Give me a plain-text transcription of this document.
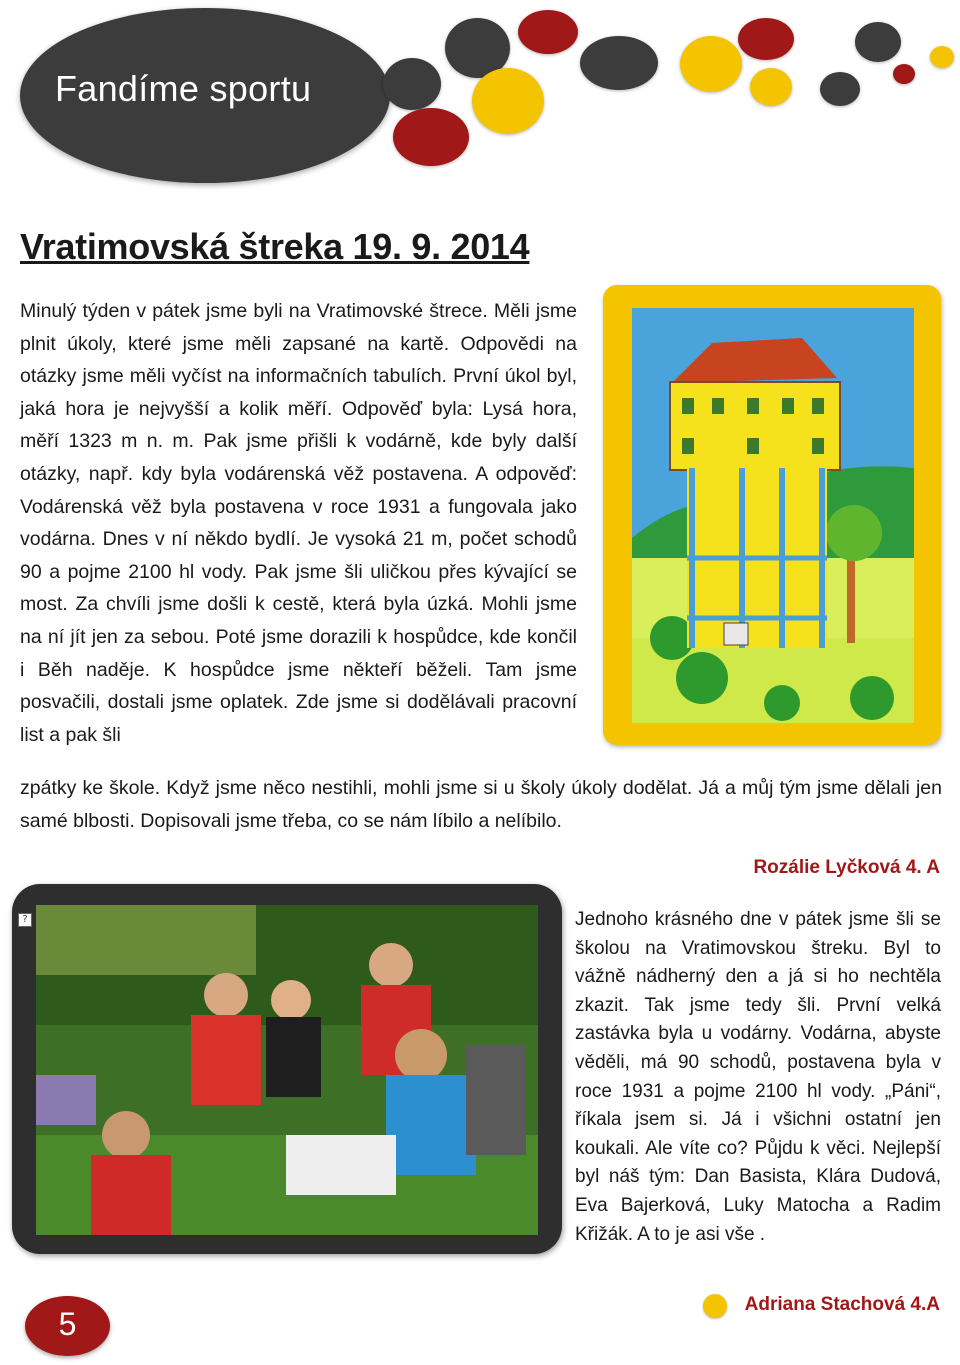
Fandíme sportu
Vratimovská štreka 19. 9. 2014
Minulý týden v pátek jsme byli na Vratimovské štrece. Měli jsme plnit úkoly, které jsme měli zapsané na kartě. Odpovědi na otázky jsme měli vyčíst na informačních tabulích. První úkol byl, jaká hora je nejvyšší a kolik měří. Odpověď byla: Lysá hora, měří 1323 m n. m. Pak jsme přišli k vodárně, kde byly další otázky, např. kdy byla vodárenská věž postavena. A odpověď: Vodárenská věž byla postavena v roce 1931 a fungovala jako vodárna. Dnes v ní někdo bydlí. Je vysoká 21 m, počet schodů 90 a pojme 2100 hl vody. Pak jsme šli uličkou přes kývající se most. Za chvíli jsme došli k cestě, která byla úzká. Mohli jsme na ní jít jen za sebou. Poté jsme dorazili k hospůdce, kde končil i Běh naděje. K hospůdce jsme někteří běželi. Tam jsme posvačili, dostali jsme oplatek. Zde jsme si dodělávali pracovní list a pak šli
zpátky ke škole. Když jsme něco nestihli, mohli jsme si u školy úkoly dodělat. Já a můj tým jsme dělali jen samé blbosti. Dopisovali jsme třeba, co se nám líbilo a nelíbilo.
Rozálie Lyčková 4. A
?	Jednoho krásného dne v pátek jsme šli se školou na Vratimovskou štreku. Byl to vážně nádherný den a já si ho nechtěla zkazit. Tak jsme tedy šli. První velká zastávka byla u vodárny. Vodárna, abyste věděli, má 90 schodů, postavena byla v roce 1931 a pojme 2100 hl vody. „Páni“, říkala jsem si. Já i všichni ostatní jen koukali. Ale víte co? Půjdu k věci. Nejlepší byl náš tým: Dan Basista, Klára Dudová, Eva Bajerková, Luky Matocha a Radim Křižák. A to je asi vše .
Adriana Stachová 4.A
5
